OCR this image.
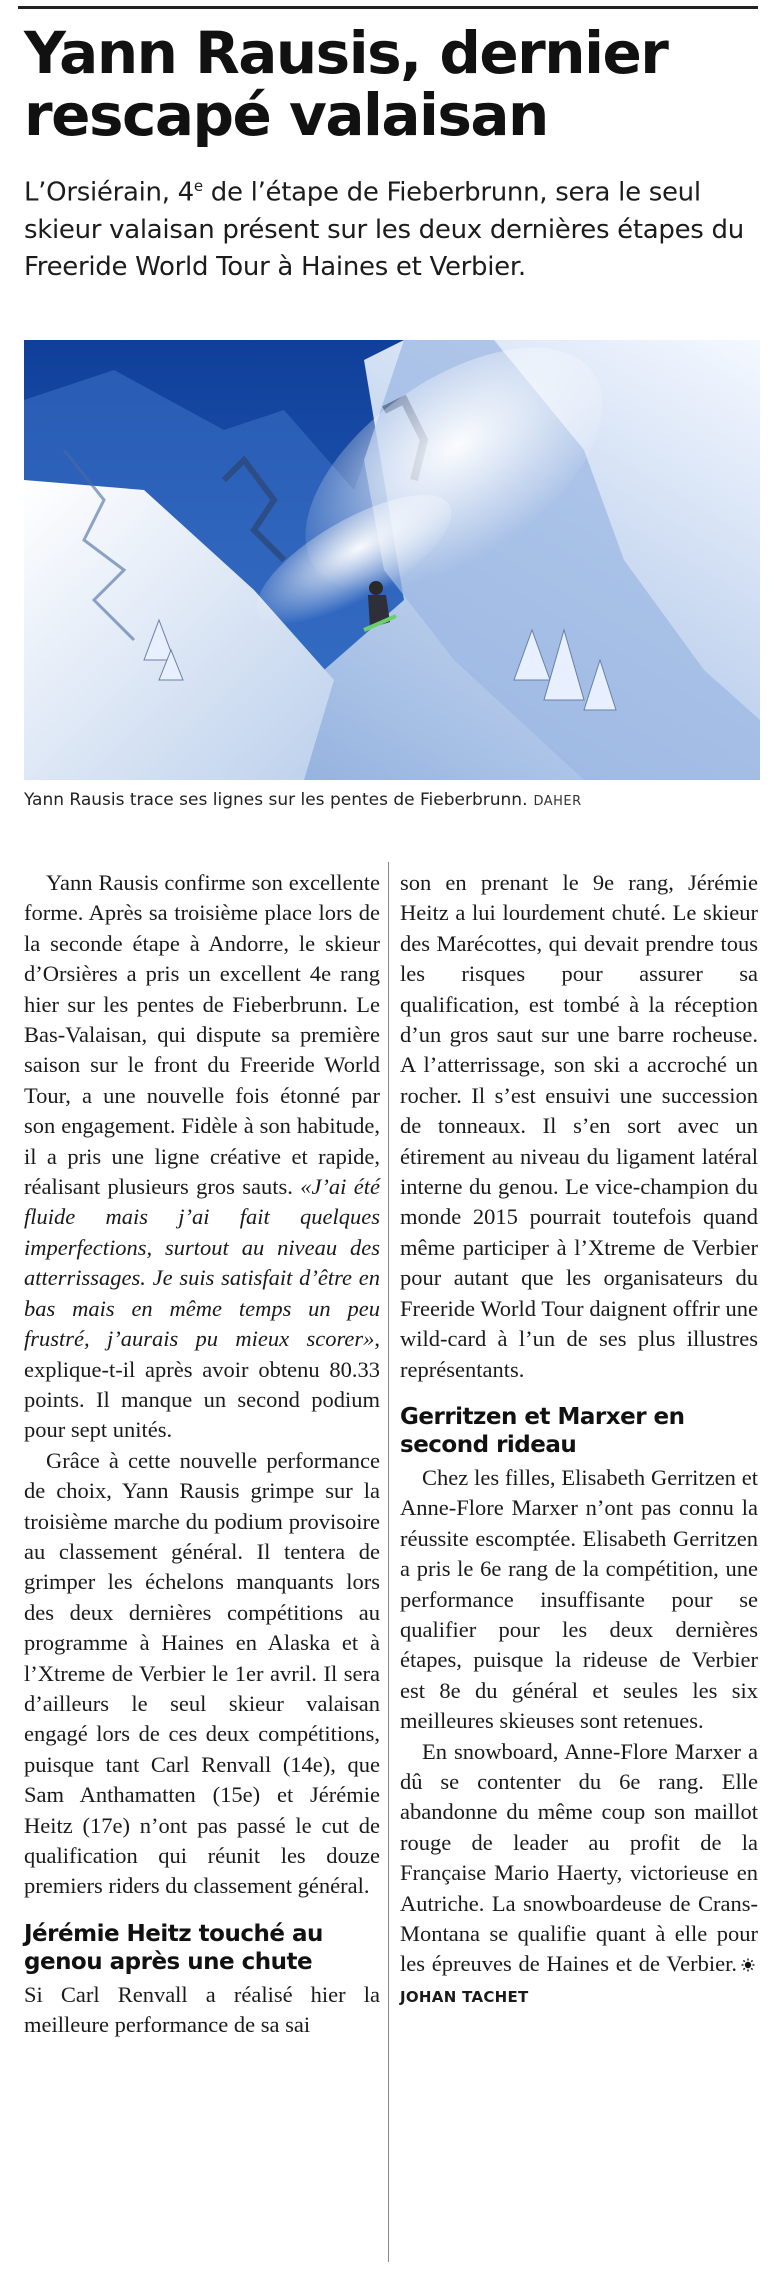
Yann Rausis, dernier rescapé valaisan
L’Orsiérain, 4e de l’étape de Fieberbrunn, sera le seul skieur valaisan présent sur les deux dernières étapes du Freeride World Tour à Haines et Verbier.
Yann Rausis trace ses lignes sur les pentes de Fieberbrunn. DAHER

Yann Rausis confirme son excellente forme. Après sa troisième place lors de la seconde étape à Andorre, le skieur d’Orsières a pris un excellent 4e rang hier sur les pentes de Fieberbrunn. Le Bas-Valaisan, qui dispute sa première saison sur le front du Freeride World Tour, a une nouvelle fois étonné par son engagement. Fidèle à son habitude, il a pris une ligne créative et rapide, réalisant plusieurs gros sauts. «J’ai été fluide mais j’ai fait quelques imperfections, surtout au niveau des atterrissages. Je suis satisfait d’être en bas mais en même temps un peu frustré, j’aurais pu mieux scorer», explique-t-il après avoir obtenu 80.33 points. Il manque un second podium pour sept unités.

Grâce à cette nouvelle performance de choix, Yann Rausis grimpe sur la troisième marche du podium provisoire au classement général. Il tentera de grimper les échelons manquants lors des deux dernières compétitions au programme à Haines en Alaska et à l’Xtreme de Verbier le 1er avril. Il sera d’ailleurs le seul skieur valaisan engagé lors de ces deux compétitions, puisque tant Carl Renvall (14e), que Sam Anthamatten (15e) et Jérémie Heitz (17e) n’ont pas passé le cut de qualification qui réunit les douze premiers riders du classement général.

Jérémie Heitz touché au genou après une chute

Si Carl Renvall a réalisé hier la meilleure performance de sa sai

son en prenant le 9e rang, Jérémie Heitz a lui lourdement chuté. Le skieur des Marécottes, qui devait prendre tous les risques pour assurer sa qualification, est tombé à la réception d’un gros saut sur une barre rocheuse. A l’atterrissage, son ski a accroché un rocher. Il s’est ensuivi une succession de tonneaux. Il s’en sort avec un étirement au niveau du ligament latéral interne du genou. Le vice-champion du monde 2015 pourrait toutefois quand même participer à l’Xtreme de Verbier pour autant que les organisateurs du Freeride World Tour daignent offrir une wild-card à l’un de ses plus illustres représentants.

Gerritzen et Marxer en second rideau

Chez les filles, Elisabeth Gerritzen et Anne-Flore Marxer n’ont pas connu la réussite escomptée. Elisabeth Gerritzen a pris le 6e rang de la compétition, une performance insuffisante pour se qualifier pour les deux dernières étapes, puisque la rideuse de Verbier est 8e du général et seules les six meilleures skieuses sont retenues.

En snowboard, Anne-Flore Marxer a dû se contenter du 6e rang. Elle abandonne du même coup son maillot rouge de leader au profit de la Française Mario Haerty, victorieuse en Autriche. La snowboardeuse de Crans-Montana se qualifie quant à elle pour les épreuves de Haines et de Verbier.JOHAN TACHET
